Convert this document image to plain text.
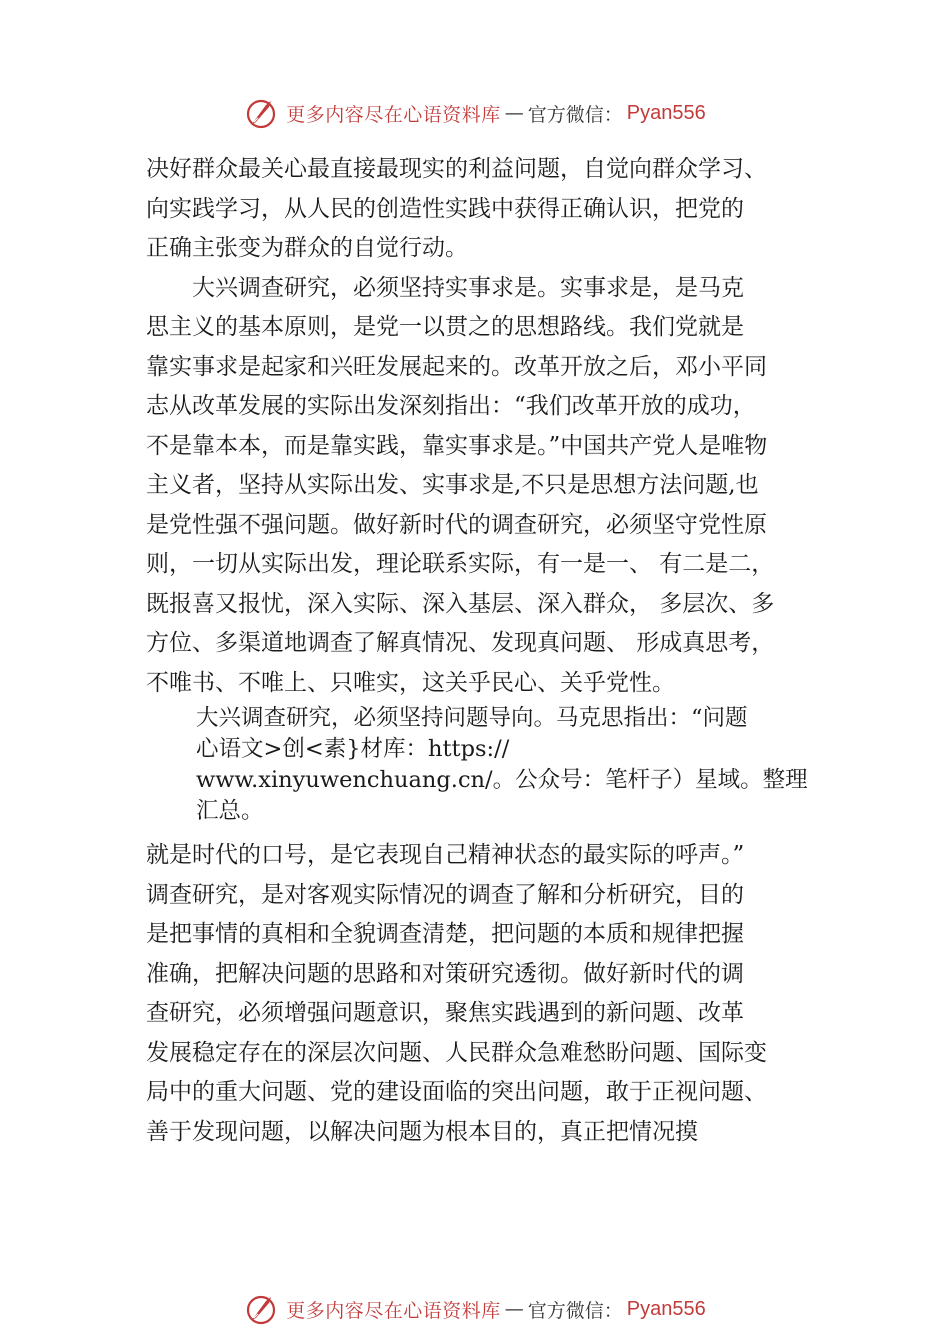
更多内容尽在心语资料库 — 官方微信： Pyan556
决好群众最关心最直接最现实的利益问题，自觉向群众学习、
向实践学习，从人民的创造性实践中获得正确认识，把党的
正确主张变为群众的自觉行动。
　　大兴调查研究，必须坚持实事求是。实事求是，是马克
思主义的基本原则，是党一以贯之的思想路线。我们党就是
靠实事求是起家和兴旺发展起来的。改革开放之后，邓小平同
志从改革发展的实际出发深刻指出：“我们改革开放的成功，
不是靠本本，而是靠实践，靠实事求是。”中国共产党人是唯物
主义者，坚持从实际出发、实事求是,不只是思想方法问题,也
是党性强不强问题。做好新时代的调查研究，必须坚守党性原
则，一切从实际出发，理论联系实际，有一是一、 有二是二，
既报喜又报忧，深入实际、深入基层、深入群众， 多层次、多
方位、多渠道地调查了解真情况、发现真问题、 形成真思考，
不唯书、不唯上、只唯实，这关乎民心、关乎党性。
大兴调查研究，必须坚持问题导向。马克思指出：“问题
心语文>创<素}材库：https://
www.xinyuwenchuang.cn/。公众号：笔杆子）星域。整理
汇总。
就是时代的口号，是它表现自己精神状态的最实际的呼声。”
调查研究，是对客观实际情况的调查了解和分析研究，目的
是把事情的真相和全貌调查清楚，把问题的本质和规律把握
准确，把解决问题的思路和对策研究透彻。做好新时代的调
查研究，必须增强问题意识，聚焦实践遇到的新问题、改革
发展稳定存在的深层次问题、人民群众急难愁盼问题、国际变
局中的重大问题、党的建设面临的突出问题，敢于正视问题、
善于发现问题，以解决问题为根本目的，真正把情况摸
更多内容尽在心语资料库 — 官方微信： Pyan556
